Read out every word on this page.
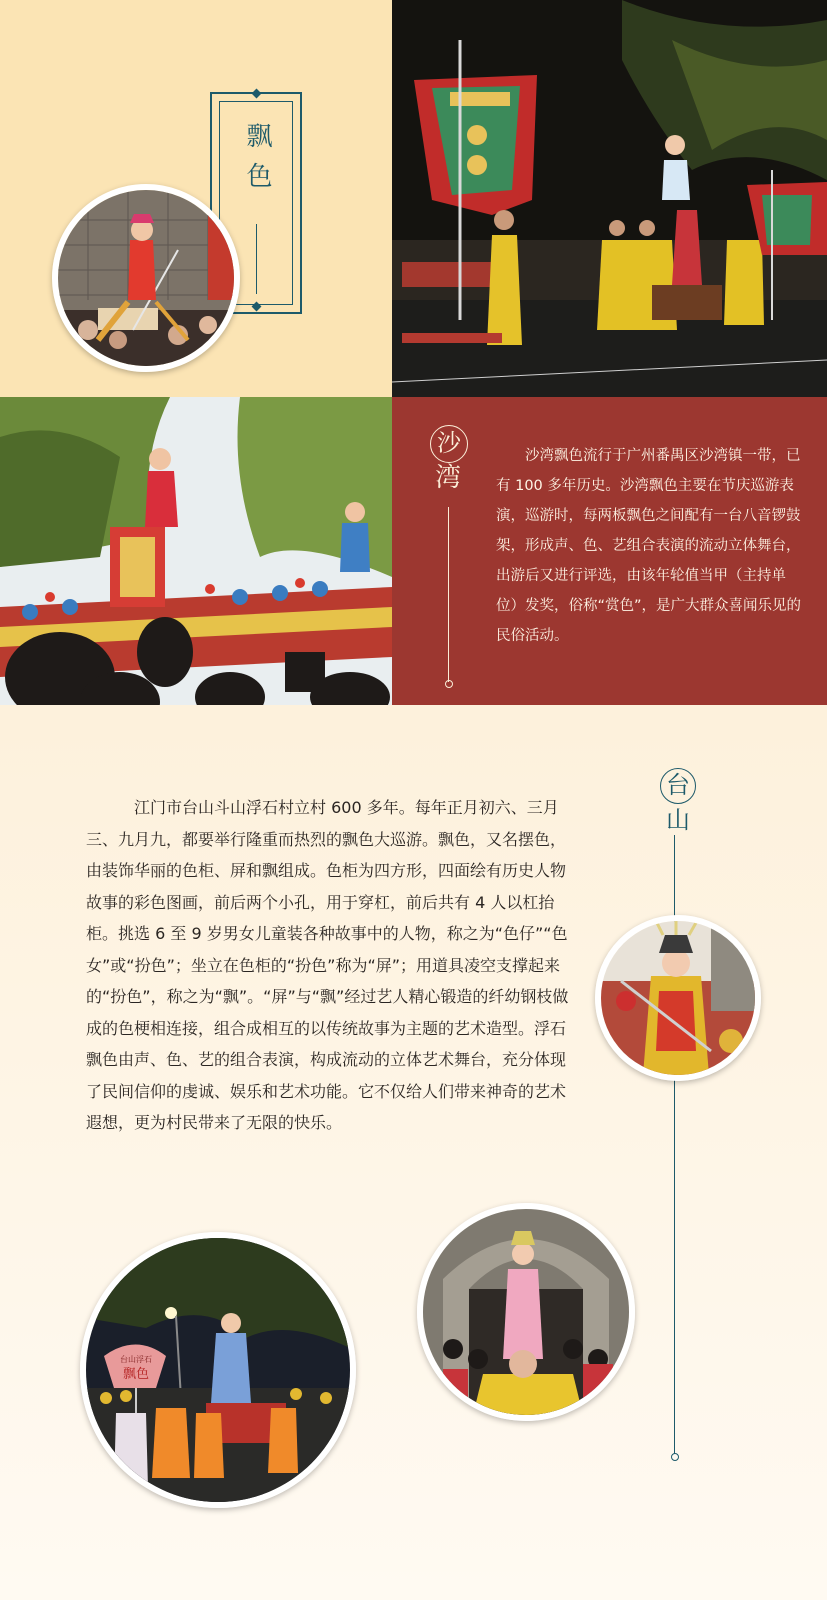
飘色
沙
湾

沙湾飘色流行于广州番禺区沙湾镇一带，已有 100 多年历史。沙湾飘色主要在节庆巡游表演，巡游时，每两板飘色之间配有一台八音锣鼓架，形成声、色、艺组合表演的流动立体舞台，出游后又进行评选，由该年轮值当甲（主持单位）发奖，俗称“赏色”，是广大群众喜闻乐见的民俗活动。

台
山

江门市台山斗山浮石村立村 600 多年。每年正月初六、三月三、九月九，都要举行隆重而热烈的飘色大巡游。飘色，又名摆色，由装饰华丽的色柜、屏和飘组成。色柜为四方形，四面绘有历史人物故事的彩色图画，前后两个小孔，用于穿杠，前后共有 4 人以杠抬柜。挑选 6 至 9 岁男女儿童装各种故事中的人物，称之为“色仔”“色女”或“扮色”；坐立在色柜的“扮色”称为“屏”；用道具凌空支撑起来的“扮色”，称之为“飘”。“屏”与“飘”经过艺人精心锻造的纤幼钢枝做成的色梗相连接，组合成相互的以传统故事为主题的艺术造型。浮石飘色由声、色、艺的组合表演，构成流动的立体艺术舞台，充分体现了民间信仰的虔诚、娱乐和艺术功能。它不仅给人们带来神奇的艺术遐想，更为村民带来了无限的快乐。

台山浮石
飘色
